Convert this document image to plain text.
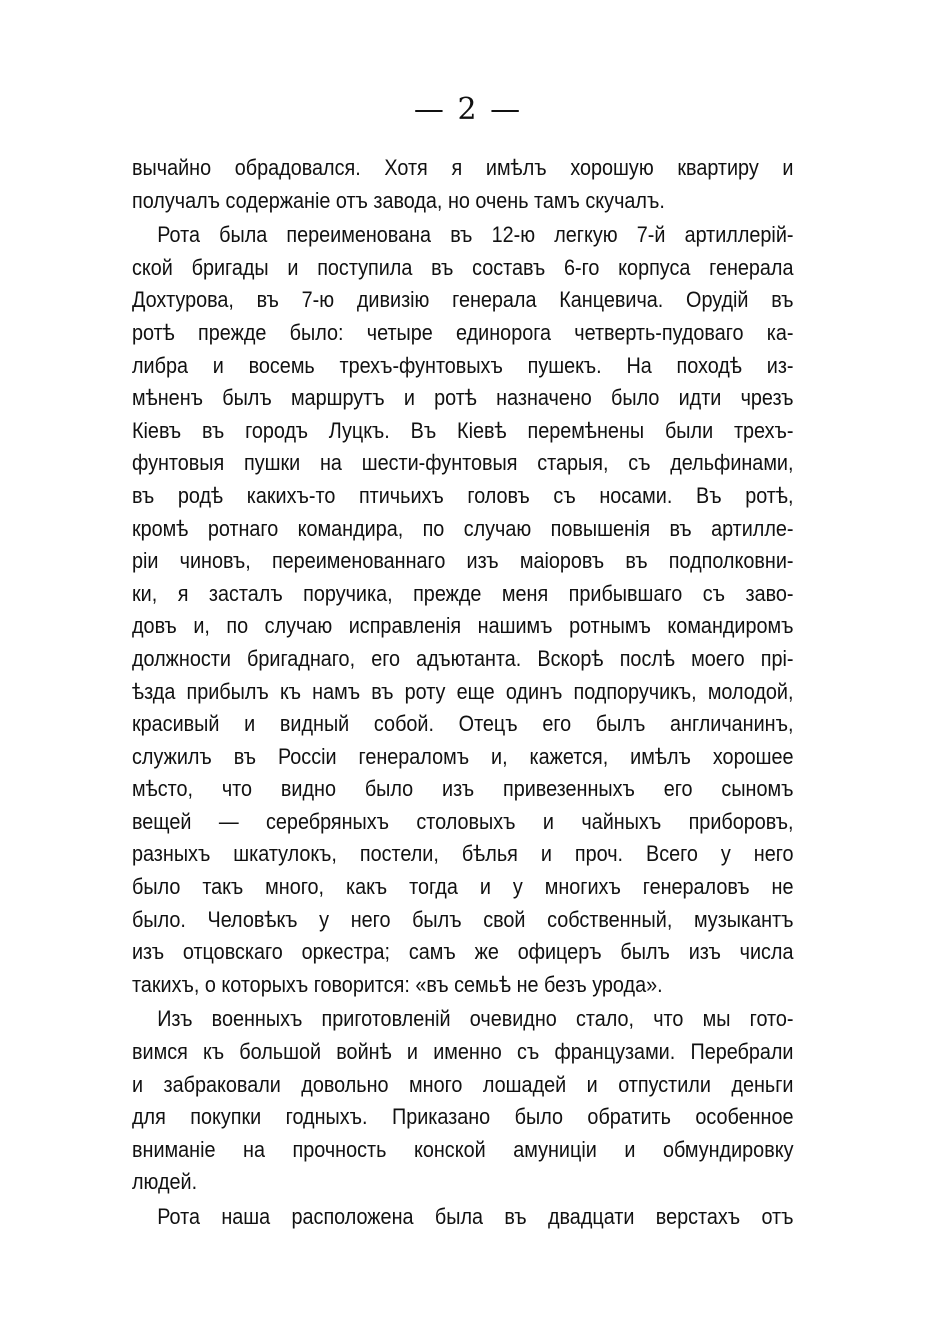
— 2 —
вычайно обрадовался. Хотя я имѣлъ хорошую квартиру и
получалъ содержаніе отъ завода, но очень тамъ скучалъ.
Рота была переименована въ 12-ю легкую 7-й артиллерій-
ской бригады и поступила въ составъ 6-го корпуса генерала
Дохтурова, въ 7-ю дивизію генерала Канцевича. Орудій въ
ротѣ прежде было: четыре единорога четверть-пудоваго ка-
либра и восемь трехъ-фунтовыхъ пушекъ. На походѣ из-
мѣненъ былъ маршрутъ и ротѣ назначено было идти чрезъ
Кіевъ въ городъ Луцкъ. Въ Кіевѣ перемѣнены были трехъ-
фунтовыя пушки на шести-фунтовыя старыя, съ дельфинами,
въ родѣ какихъ-то птичьихъ головъ съ носами. Въ ротѣ,
кромѣ ротнаго командира, по случаю повышенія въ артилле-
ріи чиновъ, переименованнаго изъ маіоровъ въ подполковни-
ки, я засталъ поручика, прежде меня прибывшаго съ заво-
довъ и, по случаю исправленія нашимъ ротнымъ командиромъ
должности бригаднаго, его адъютанта. Вскорѣ послѣ моего прі-
ѣзда прибылъ къ намъ въ роту еще одинъ подпоручикъ, молодой,
красивый и видный собой. Отецъ его былъ англичанинъ,
служилъ въ Россіи генераломъ и, кажется, имѣлъ хорошее
мѣсто, что видно было изъ привезенныхъ его сыномъ
вещей — серебряныхъ столовыхъ и чайныхъ приборовъ,
разныхъ шкатулокъ, постели, бѣлья и проч. Всего у него
было такъ много, какъ тогда и у многихъ генераловъ не
было. Человѣкъ у него былъ свой собственный, музыкантъ
изъ отцовскаго оркестра; самъ же офицеръ былъ изъ числа
такихъ, о которыхъ говорится: «въ семьѣ не безъ урода».
Изъ военныхъ приготовленій очевидно стало, что мы гото-
вимся къ большой войнѣ и именно съ французами. Перебрали
и забраковали довольно много лошадей и отпустили деньги
для покупки годныхъ. Приказано было обратить особенное
вниманіе на прочность конской амуниціи и обмундировку
людей.
Рота наша расположена была въ двадцати верстахъ отъ
